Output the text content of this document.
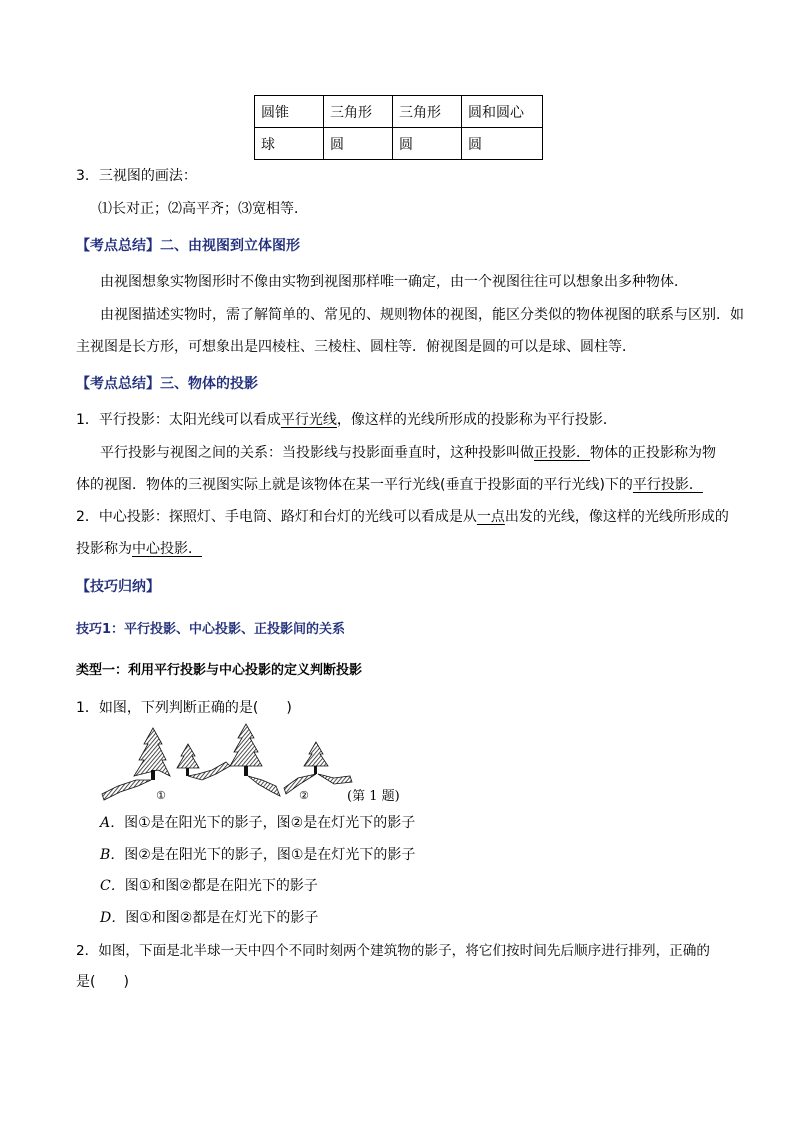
圆锥	三角形	三角形	圆和圆心
球	圆	圆	圆
3．三视图的画法：
⑴长对正；⑵高平齐；⑶宽相等．
【考点总结】二、由视图到立体图形
由视图想象实物图形时不像由实物到视图那样唯一确定，由一个视图往往可以想象出多种物体．
由视图描述实物时，需了解简单的、常见的、规则物体的视图，能区分类似的物体视图的联系与区别．如
主视图是长方形，可想象出是四棱柱、三棱柱、圆柱等．俯视图是圆的可以是球、圆柱等．
【考点总结】三、物体的投影
1．平行投影：太阳光线可以看成平行光线，像这样的光线所形成的投影称为平行投影．
平行投影与视图之间的关系：当投影线与投影面垂直时，这种投影叫做正投影．物体的正投影称为物
体的视图．物体的三视图实际上就是该物体在某一平行光线(垂直于投影面的平行光线)下的平行投影．
2．中心投影：探照灯、手电筒、路灯和台灯的光线可以看成是从一点出发的光线，像这样的光线所形成的
投影称为中心投影．
【技巧归纳】
技巧1：平行投影、中心投影、正投影间的关系
类型一：利用平行投影与中心投影的定义判断投影
1．如图，下列判断正确的是(　　)
①	②	(第 1 题)
A．图①是在阳光下的影子，图②是在灯光下的影子
B．图②是在阳光下的影子，图①是在灯光下的影子
C．图①和图②都是在阳光下的影子
D．图①和图②都是在灯光下的影子
2．如图，下面是北半球一天中四个不同时刻两个建筑物的影子，将它们按时间先后顺序进行排列，正确的
是(　　)
